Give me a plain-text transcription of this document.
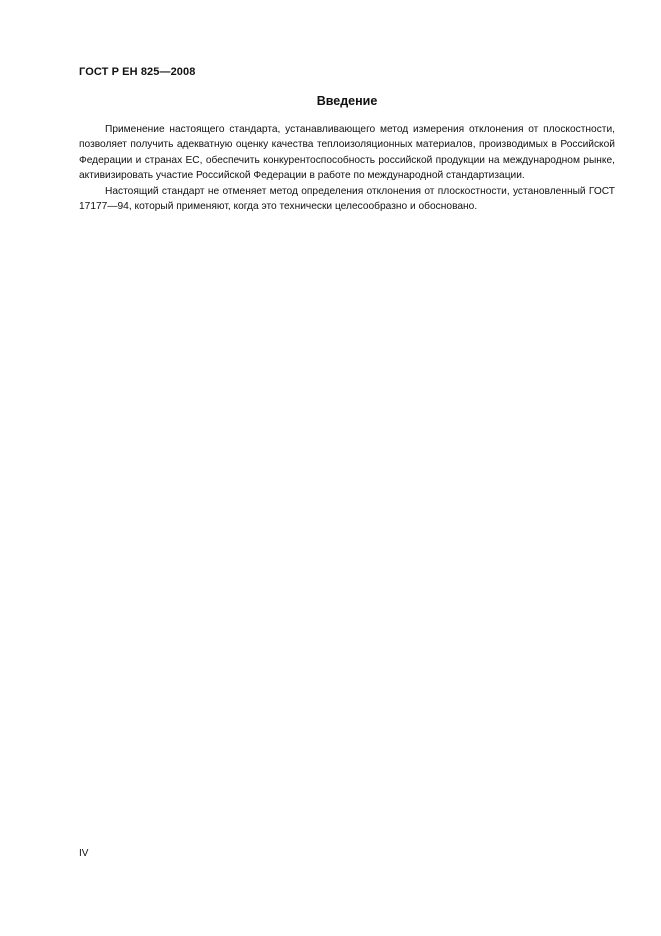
ГОСТ Р ЕН 825—2008
Введение

Применение настоящего стандарта, устанавливающего метод измерения отклонения от плоскостности, позволяет получить адекватную оценку качества теплоизоляционных материалов, производимых в Российской Федерации и странах ЕС, обеспечить конкурентоспособность российской продукции на международном рынке, активизировать участие Российской Федерации в работе по международной стандартизации.

Настоящий стандарт не отменяет метод определения отклонения от плоскостности, установленный ГОСТ 17177—94, который применяют, когда это технически целесообразно и обосновано.

IV
